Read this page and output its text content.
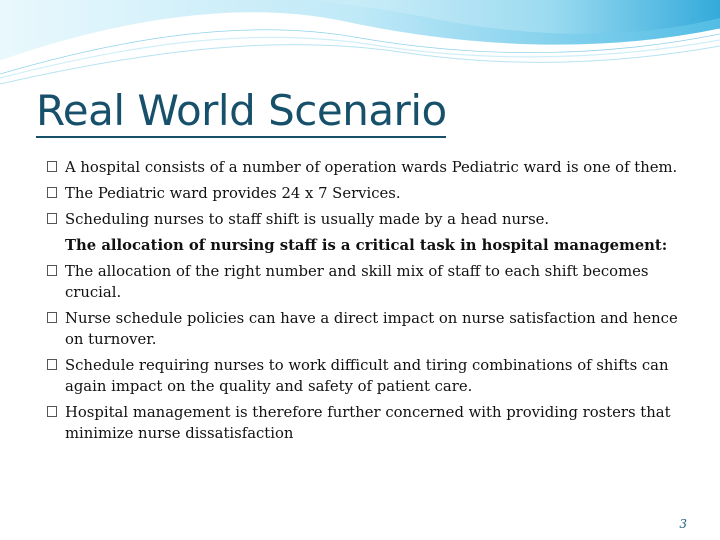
Real World Scenario
A hospital consists of a number of operation wards Pediatric ward is one of them.
The Pediatric ward provides 24 x 7 Services.
Scheduling nurses to staff shift is usually made by a head nurse.
The allocation of nursing staff is a critical task in hospital management:
The allocation of the right number and skill mix of staff to each shift becomes crucial.
Nurse schedule policies can have a direct impact on nurse satisfaction and hence on turnover.
Schedule requiring nurses to work difficult and tiring combinations of shifts can again impact on the quality and safety of patient care.
Hospital management is therefore further concerned with providing rosters that minimize nurse dissatisfaction
3
